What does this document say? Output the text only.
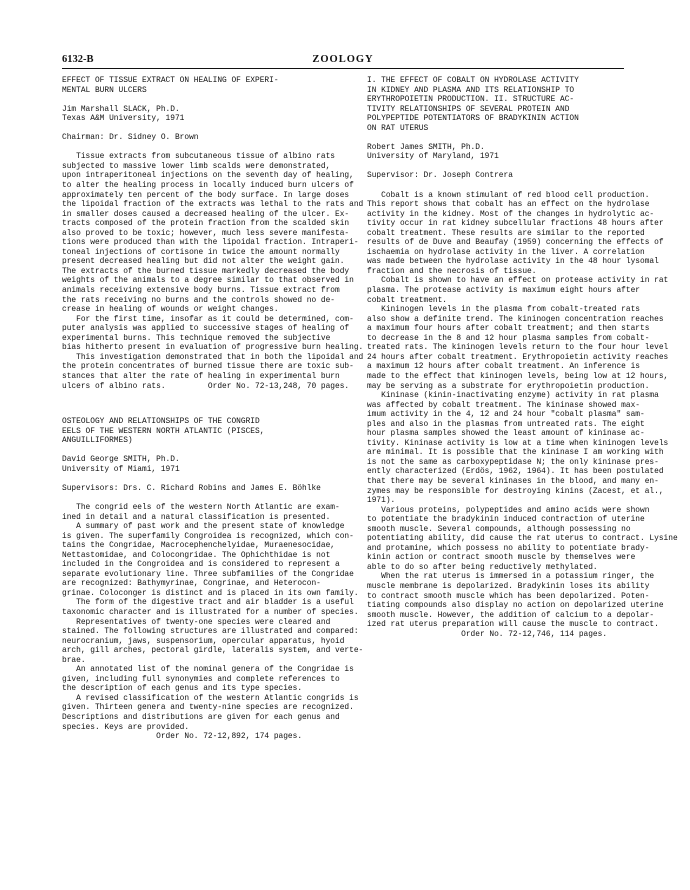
6132-B	ZOOLOGY
EFFECT OF TISSUE EXTRACT ON HEALING OF EXPERI-
MENTAL BURN ULCERS
Jim Marshall SLACK, Ph.D.
Texas A&M University, 1971
Chairman: Dr. Sidney O. Brown
Tissue extracts from subcutaneous tissue of albino rats
subjected to massive lower limb scalds were demonstrated,
upon intraperitoneal injections on the seventh day of healing,
to alter the healing process in locally induced burn ulcers of
approximately ten percent of the body surface. In large doses
the lipoidal fraction of the extracts was lethal to the rats and
in smaller doses caused a decreased healing of the ulcer. Ex-
tracts composed of the protein fraction from the scalded skin
also proved to be toxic; however, much less severe manifesta-
tions were produced than with the lipoidal fraction. Intraperi-
toneal injections of cortisone in twice the amount normally
present decreased healing but did not alter the weight gain.
The extracts of the burned tissue markedly decreased the body
weights of the animals to a degree similar to that observed in
animals receiving extensive body burns. Tissue extract from
the rats receiving no burns and the controls showed no de-
crease in healing of wounds or weight changes.
For the first time, insofar as it could be determined, com-
puter analysis was applied to successive stages of healing of
experimental burns. This technique removed the subjective
bias hitherto present in evaluation of progressive burn healing.
This investigation demonstrated that in both the lipoidal and
the protein concentrates of burned tissue there are toxic sub-
stances that alter the rate of healing in experimental burn
ulcers of albino rats.         Order No. 72-13,248, 70 pages.
OSTEOLOGY AND RELATIONSHIPS OF THE CONGRID
EELS OF THE WESTERN NORTH ATLANTIC (PISCES,
ANGUILLIFORMES)
David George SMITH, Ph.D.
University of Miami, 1971
Supervisors: Drs. C. Richard Robins and James E. Böhlke
The congrid eels of the western North Atlantic are exam-
ined in detail and a natural classification is presented.
A summary of past work and the present state of knowledge
is given. The superfamily Congroidea is recognized, which con-
tains the Congridae, Macrocephenchelyidae, Muraenesocidae,
Nettastomidae, and Colocongridae. The Ophichthidae is not
included in the Congroidea and is considered to represent a
separate evolutionary line. Three subfamilies of the Congridae
are recognized: Bathymyrinae, Congrinae, and Heterocon-
grinae. Coloconger is distinct and is placed in its own family.
The form of the digestive tract and air bladder is a useful
taxonomic character and is illustrated for a number of species.
Representatives of twenty-one species were cleared and
stained. The following structures are illustrated and compared:
neurocranium, jaws, suspensorium, opercular apparatus, hyoid
arch, gill arches, pectoral girdle, lateralis system, and verte-
brae.
An annotated list of the nominal genera of the Congridae is
given, including full synonymies and complete references to
the description of each genus and its type species.
A revised classification of the western Atlantic congrids is
given. Thirteen genera and twenty-nine species are recognized.
Descriptions and distributions are given for each genus and
species. Keys are provided.
Order No. 72-12,892, 174 pages.
I. THE EFFECT OF COBALT ON HYDROLASE ACTIVITY
IN KIDNEY AND PLASMA AND ITS RELATIONSHIP TO
ERYTHROPOIETIN PRODUCTION. II. STRUCTURE AC-
TIVITY RELATIONSHIPS OF SEVERAL PROTEIN AND
POLYPEPTIDE POTENTIATORS OF BRADYKININ ACTION
ON RAT UTERUS
Robert James SMITH, Ph.D.
University of Maryland, 1971
Supervisor: Dr. Joseph Contrera
Cobalt is a known stimulant of red blood cell production.
This report shows that cobalt has an effect on the hydrolase
activity in the kidney. Most of the changes in hydrolytic ac-
tivity occur in rat kidney subcellular fractions 48 hours after
cobalt treatment. These results are similar to the reported
results of de Duve and Beaufay (1959) concerning the effects of
ischaemia on hydrolase activity in the liver. A correlation
was made between the hydrolase activity in the 48 hour lysomal
fraction and the necrosis of tissue.
Cobalt is shown to have an effect on protease activity in rat
plasma. The protease activity is maximum eight hours after
cobalt treatment.
Kininogen levels in the plasma from cobalt-treated rats
also show a definite trend. The kininogen concentration reaches
a maximum four hours after cobalt treatment; and then starts
to decrease in the 8 and 12 hour plasma samples from cobalt-
treated rats. The kininogen levels return to the four hour level
24 hours after cobalt treatment. Erythropoietin activity reaches
a maximum 12 hours after cobalt treatment. An inference is
made to the effect that kininogen levels, being low at 12 hours,
may be serving as a substrate for erythropoietin production.
Kininase (kinin-inactivating enzyme) activity in rat plasma
was affected by cobalt treatment. The kininase showed max-
imum activity in the 4, 12 and 24 hour "cobalt plasma" sam-
ples and also in the plasmas from untreated rats. The eight
hour plasma samples showed the least amount of kininase ac-
tivity. Kininase activity is low at a time when kininogen levels
are minimal. It is possible that the kininase I am working with
is not the same as carboxypeptidase N; the only kininase pres-
ently characterized (Erdös, 1962, 1964). It has been postulated
that there may be several kininases in the blood, and many en-
zymes may be responsible for destroying kinins (Zacest, et al.,
1971).
Various proteins, polypeptides and amino acids were shown
to potentiate the bradykinin induced contraction of uterine
smooth muscle. Several compounds, although possessing no
potentiating ability, did cause the rat uterus to contract. Lysine
and protamine, which possess no ability to potentiate brady-
kinin action or contract smooth muscle by themselves were
able to do so after being reductively methylated.
When the rat uterus is immersed in a potassium ringer, the
muscle membrane is depolarized. Bradykinin loses its ability
to contract smooth muscle which has been depolarized. Poten-
tiating compounds also display no action on depolarized uterine
smooth muscle. However, the addition of calcium to a depolar-
ized rat uterus preparation will cause the muscle to contract.
Order No. 72-12,746, 114 pages.
